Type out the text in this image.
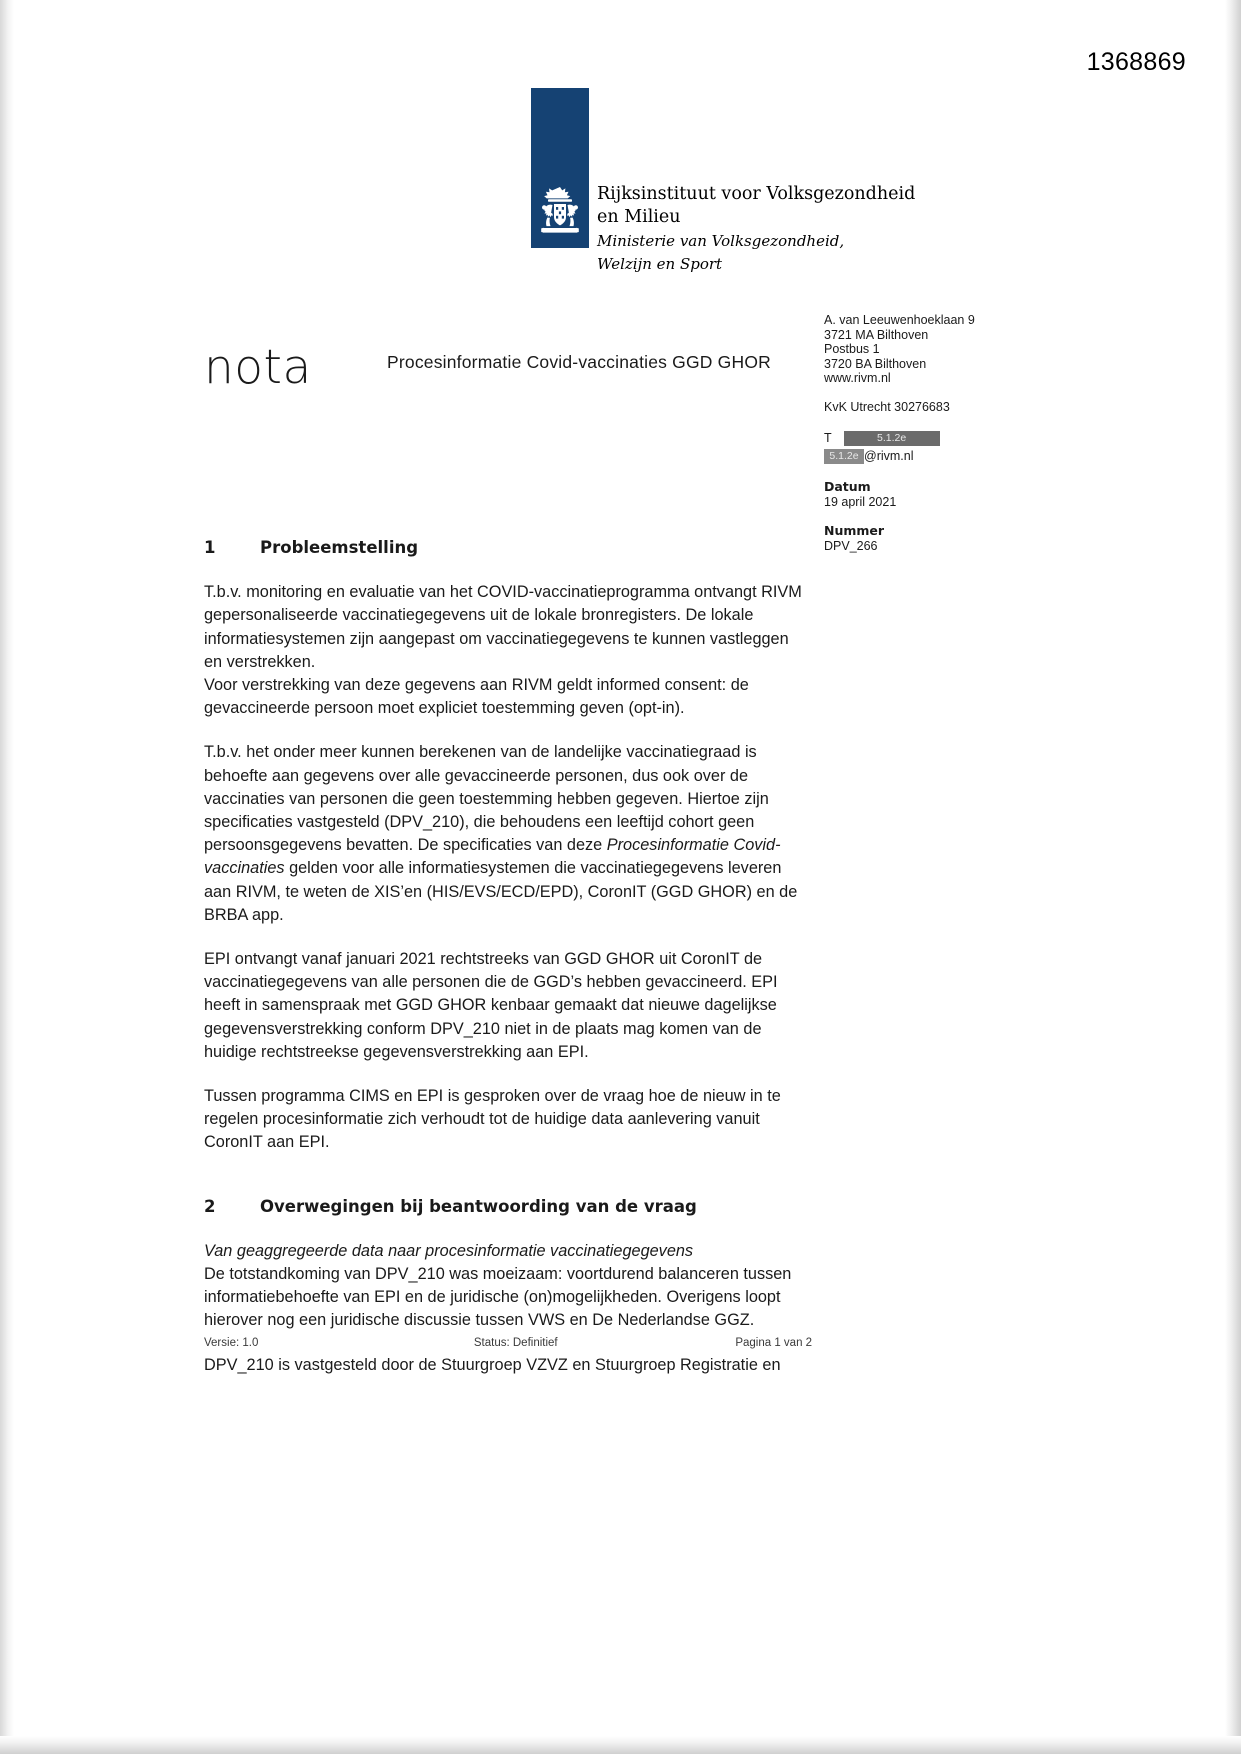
1368869
Rijksinstituut voor Volksgezondheid
en Milieu
Ministerie van Volksgezondheid,
Welzijn en Sport
nota	Procesinformatie Covid-vaccinaties GGD GHOR
A. van Leeuwenhoeklaan 9
3721 MA Bilthoven
Postbus 1
3720 BA Bilthoven
www.rivm.nl
KvK Utrecht 30276683
T	5.1.2e
5.1.2e @rivm.nl
Datum
19 april 2021
Nummer
DPV_266
1	Probleemstelling

T.b.v. monitoring en evaluatie van het COVID-vaccinatieprogramma ontvangt RIVM gepersonaliseerde vaccinatiegegevens uit de lokale bronregisters. De lokale informatiesystemen zijn aangepast om vaccinatiegegevens te kunnen vastleggen en verstrekken.

Voor verstrekking van deze gegevens aan RIVM geldt informed consent: de gevaccineerde persoon moet expliciet toestemming geven (opt-in).

T.b.v. het onder meer kunnen berekenen van de landelijke vaccinatiegraad is behoefte aan gegevens over alle gevaccineerde personen, dus ook over de vaccinaties van personen die geen toestemming hebben gegeven. Hiertoe zijn specificaties vastgesteld (DPV_210), die behoudens een leeftijd cohort geen persoonsgegevens bevatten. De specificaties van deze Procesinformatie Covid-vaccinaties gelden voor alle informatiesystemen die vaccinatiegegevens leveren aan RIVM, te weten de XIS’en (HIS/EVS/ECD/EPD), CoronIT (GGD GHOR) en de BRBA app.

EPI ontvangt vanaf januari 2021 rechtstreeks van GGD GHOR uit CoronIT de vaccinatiegegevens van alle personen die de GGD’s hebben gevaccineerd. EPI heeft in samenspraak met GGD GHOR kenbaar gemaakt dat nieuwe dagelijkse gegevensverstrekking conform DPV_210 niet in de plaats mag komen van de huidige rechtstreekse gegevensverstrekking aan EPI.

Tussen programma CIMS en EPI is gesproken over de vraag hoe de nieuw in te regelen procesinformatie zich verhoudt tot de huidige data aanlevering vanuit CoronIT aan EPI.

2	Overwegingen bij beantwoording van de vraag

Van geaggregeerde data naar procesinformatie vaccinatiegegevens

De totstandkoming van DPV_210 was moeizaam: voortdurend balanceren tussen informatiebehoefte van EPI en de juridische (on)mogelijkheden. Overigens loopt hierover nog een juridische discussie tussen VWS en De Nederlandse GGZ.

DPV_210 is vastgesteld door de Stuurgroep VZVZ en Stuurgroep Registratie en

Versie: 1.0	Status: Definitief	Pagina 1 van 2
